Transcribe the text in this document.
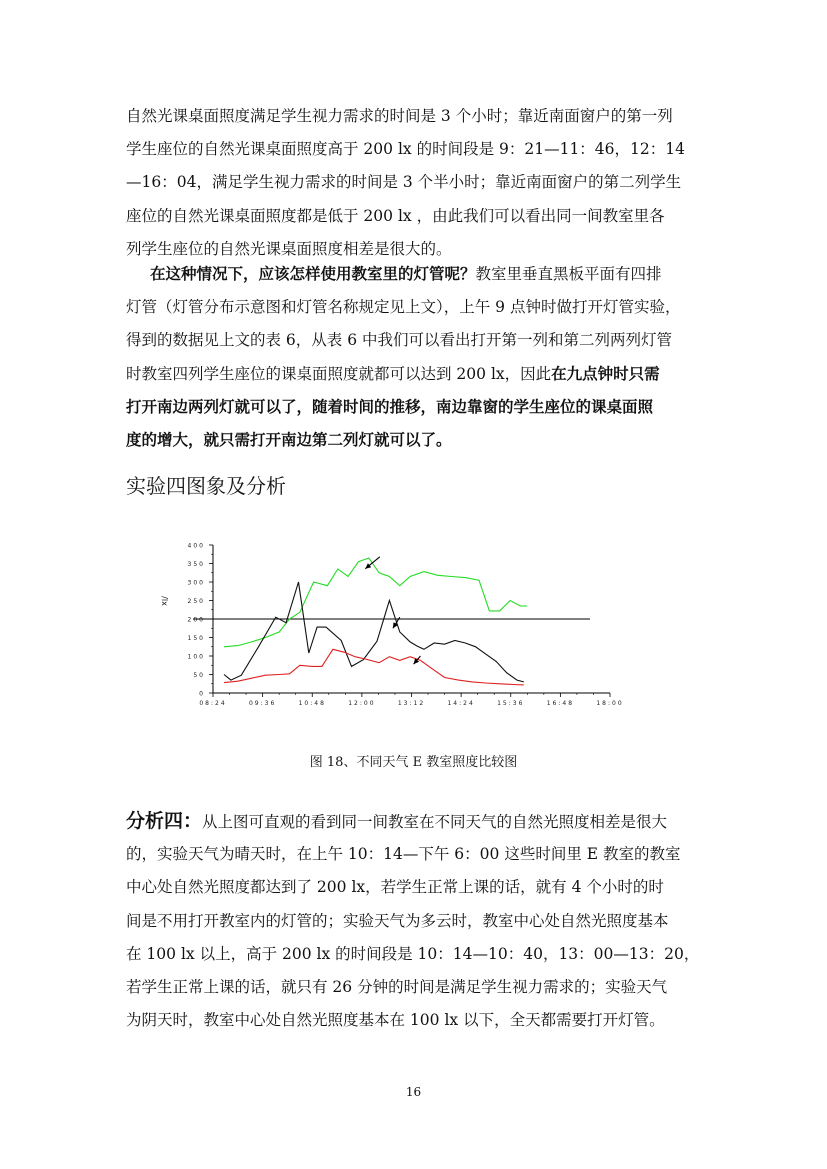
自然光课桌面照度满足学生视力需求的时间是 3 个小时；靠近南面窗户的第一列
学生座位的自然光课桌面照度高于 200 lx 的时间段是 9：21—11：46，12：14
—16：04，满足学生视力需求的时间是 3 个半小时；靠近南面窗户的第二列学生
座位的自然光课桌面照度都是低于 200 lx ，由此我们可以看出同一间教室里各
列学生座位的自然光课桌面照度相差是很大的。
在这种情况下，应该怎样使用教室里的灯管呢？教室里垂直黑板平面有四排
灯管（灯管分布示意图和灯管名称规定见上文），上午 9 点钟时做打开灯管实验，
得到的数据见上文的表 6，从表 6 中我们可以看出打开第一列和第二列两列灯管
时教室四列学生座位的课桌面照度就都可以达到 200 lx，因此在九点钟时只需
打开南边两列灯就可以了，随着时间的推移，南边靠窗的学生座位的课桌面照
度的增大，就只需打开南边第二列灯就可以了。

实验四图象及分析

0
50
100
150
200
250
300
350
400
08:24	09:36	10:48	12:00	13:12	14:24	15:36	16:48	18:00
/lx

图 18、不同天气 E 教室照度比较图

分析四：从上图可直观的看到同一间教室在不同天气的自然光照度相差是很大
的，实验天气为晴天时，在上午 10：14—下午 6：00 这些时间里 E 教室的教室
中心处自然光照度都达到了 200 lx，若学生正常上课的话，就有 4 个小时的时
间是不用打开教室内的灯管的；实验天气为多云时，教室中心处自然光照度基本
在 100 lx 以上，高于 200 lx 的时间段是 10：14—10：40，13：00—13：20，
若学生正常上课的话，就只有 26 分钟的时间是满足学生视力需求的；实验天气
为阴天时，教室中心处自然光照度基本在 100 lx 以下，全天都需要打开灯管。

16
